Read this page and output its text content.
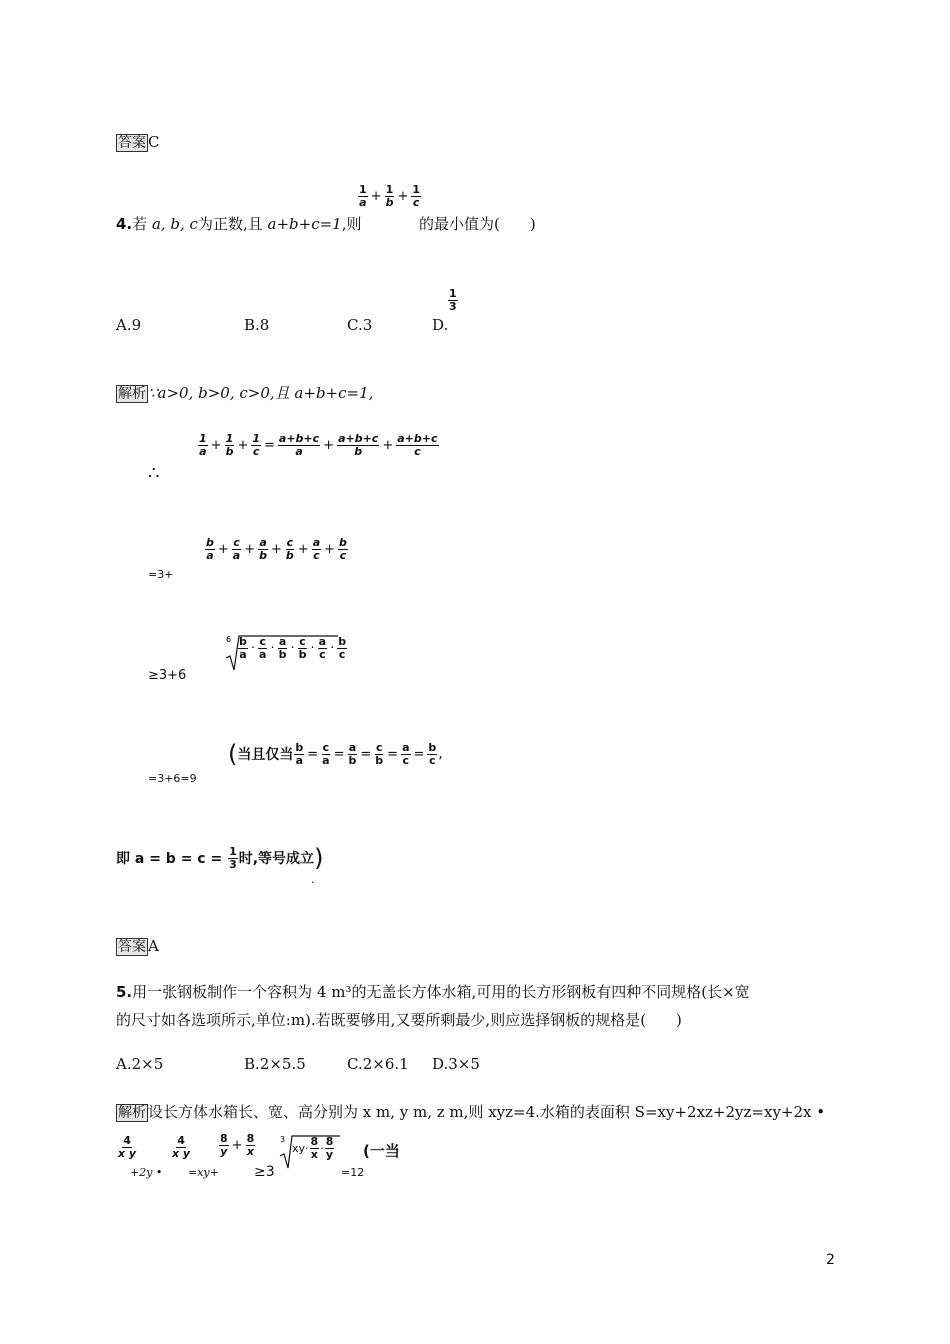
答案 C
4.若 a, b, c为正数,且 a+b+c=1,则
$\frac{1}{a} + \frac{1}{b} + \frac{1}{c}$
的最小值为(　　)
A.9	B.8	C.3	D.
$\frac{1}{3}$
解析 ∵a>0, b>0, c>0,且 a+b+c=1,
∴
$\frac{1}{a} + \frac{1}{b} + \frac{1}{c} = \frac{a+b+c}{a} + \frac{a+b+c}{b} + \frac{a+b+c}{c}$
=3+
$\frac{b}{a} + \frac{c}{a} + \frac{a}{b} + \frac{c}{b} + \frac{a}{c} + \frac{b}{c}$
≥3+6
$6 \frac{b}{a} \cdot \frac{c}{a} \cdot \frac{a}{b} \cdot \frac{c}{b} \cdot \frac{a}{c} \cdot \frac{b}{c}$
=3+6=9
(当且仅当 $\frac{b}{a} = \frac{c}{a} = \frac{a}{b} = \frac{c}{b} = \frac{a}{c} = \frac{b}{c}$ ,
即 $a = b = c = \frac{1}{3}$ 时,等号成立)
.
答案 A
5.用一张钢板制作一个容积为 4 m³的无盖长方体水箱,可用的长方形钢板有四种不同规格(长×宽
的尺寸如各选项所示,单位:m).若既要够用,又要所剩最少,则应选择钢板的规格是(　　)
A.2×5	B.2×5.5	C.2×6.1 D.3×5
解析 设长方体水箱长、宽、高分别为 x m, y m, z m,则 xyz=4.水箱的表面积 S=xy+2xz+2yz=xy+2x •
$\frac{4}{\text{x y}}$
+2y •
$\frac{4}{\text{x y}}$
=xy+
$\frac{8}{y} + \frac{8}{x}$
≥3
3
$xy\cdot \frac{8}{x} \cdot \frac{8}{y}$
=12
(一当
2
